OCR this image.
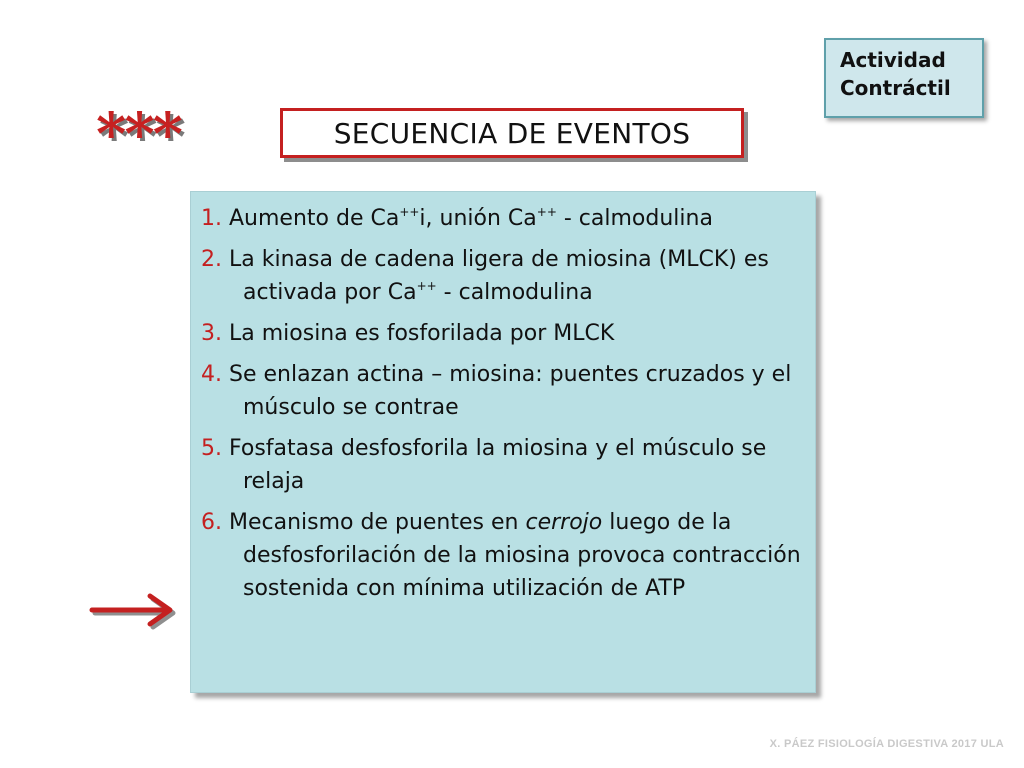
Actividad
Contráctil
***	SECUENCIA DE EVENTOS
1. Aumento de Ca++i, unión Ca++ - calmodulina
2. La kinasa de cadena ligera de miosina (MLCK) es activada por Ca++ - calmodulina
3. La miosina es fosforilada por MLCK
4. Se enlazan actina – miosina: puentes cruzados y el músculo se contrae
5. Fosfatasa desfosforila la miosina y el músculo se relaja
6. Mecanismo de puentes en cerrojo luego de la desfosforilación de la miosina provoca contracción sostenida con mínima utilización de ATP
X. PÁEZ FISIOLOGÍA DIGESTIVA 2017 ULA
